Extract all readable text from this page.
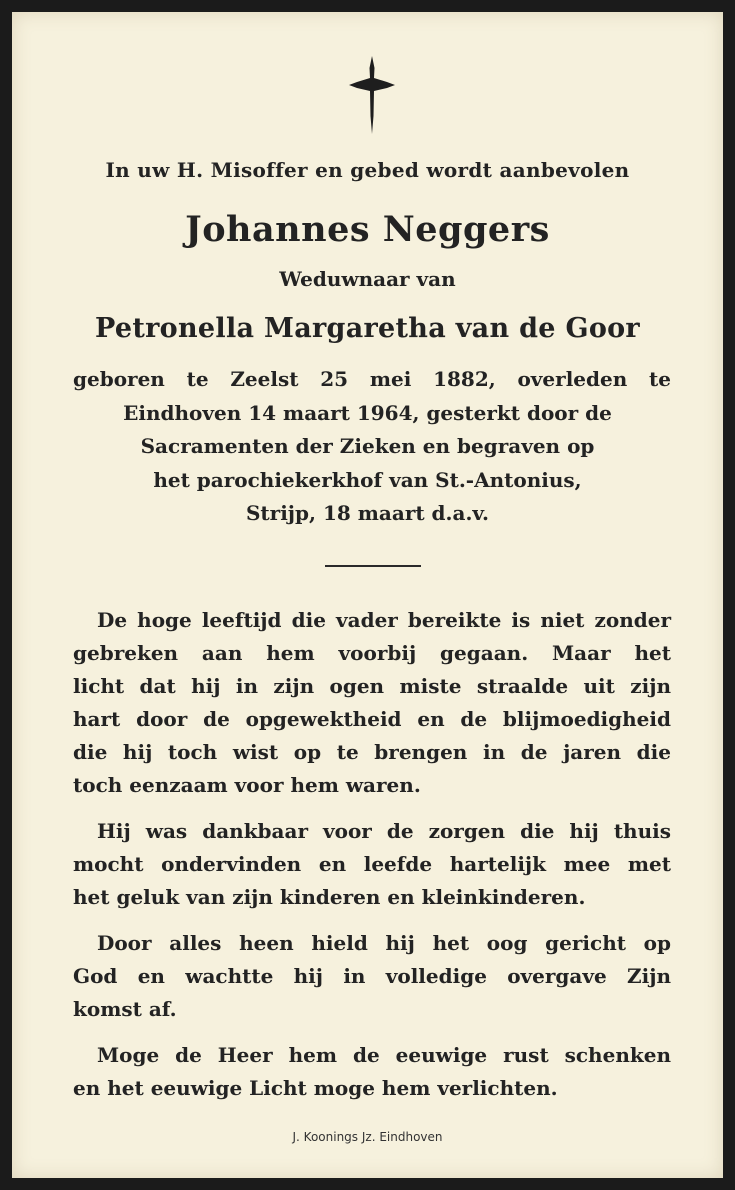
In uw H. Misoffer en gebed wordt aanbevolen
Johannes Neggers
Weduwnaar van
Petronella Margaretha van de Goor
geboren te Zeelst 25 mei 1882, overleden te
Eindhoven 14 maart 1964, gesterkt door de
Sacramenten der Zieken en begraven op
het parochiekerkhof van St.-Antonius,
Strijp, 18 maart d.a.v.
De hoge leeftijd die vader bereikte is niet zonder
gebreken aan hem voorbij gegaan. Maar het
licht dat hij in zijn ogen miste straalde uit zijn
hart door de opgewektheid en de blijmoedigheid
die hij toch wist op te brengen in de jaren die
toch eenzaam voor hem waren.
Hij was dankbaar voor de zorgen die hij thuis
mocht ondervinden en leefde hartelijk mee met
het geluk van zijn kinderen en kleinkinderen.
Door alles heen hield hij het oog gericht op
God en wachtte hij in volledige overgave Zijn
komst af.
Moge de Heer hem de eeuwige rust schenken
en het eeuwige Licht moge hem verlichten.
J. Koonings Jz. Eindhoven
